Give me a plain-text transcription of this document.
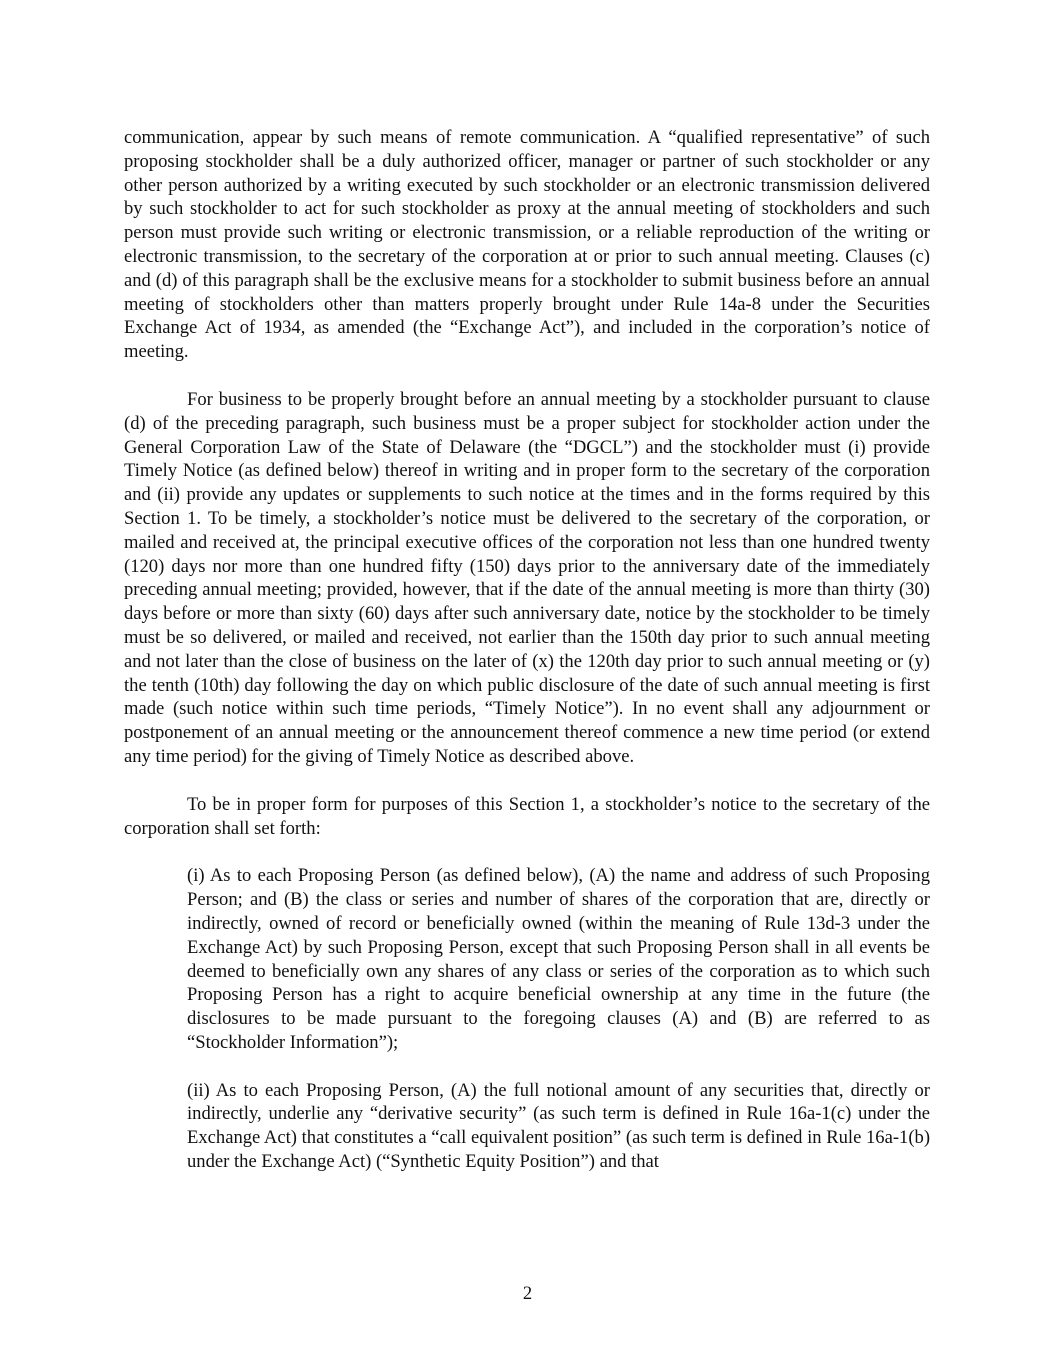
communication, appear by such means of remote communication. A “qualified representative” of such proposing stockholder shall be a duly authorized officer, manager or partner of such stockholder or any other person authorized by a writing executed by such stockholder or an electronic transmission delivered by such stockholder to act for such stockholder as proxy at the annual meeting of stockholders and such person must provide such writing or electronic transmission, or a reliable reproduction of the writing or electronic transmission, to the secretary of the corporation at or prior to such annual meeting. Clauses (c) and (d) of this paragraph shall be the exclusive means for a stockholder to submit business before an annual meeting of stockholders other than matters properly brought under Rule 14a-8 under the Securities Exchange Act of 1934, as amended (the “Exchange Act”), and included in the corporation’s notice of meeting.

For business to be properly brought before an annual meeting by a stockholder pursuant to clause (d) of the preceding paragraph, such business must be a proper subject for stockholder action under the General Corporation Law of the State of Delaware (the “DGCL”) and the stockholder must (i) provide Timely Notice (as defined below) thereof in writing and in proper form to the secretary of the corporation and (ii) provide any updates or supplements to such notice at the times and in the forms required by this Section 1. To be timely, a stockholder’s notice must be delivered to the secretary of the corporation, or mailed and received at, the principal executive offices of the corporation not less than one hundred twenty (120) days nor more than one hundred fifty (150) days prior to the anniversary date of the immediately preceding annual meeting; provided, however, that if the date of the annual meeting is more than thirty (30) days before or more than sixty (60) days after such anniversary date, notice by the stockholder to be timely must be so delivered, or mailed and received, not earlier than the 150th day prior to such annual meeting and not later than the close of business on the later of (x) the 120th day prior to such annual meeting or (y) the tenth (10th) day following the day on which public disclosure of the date of such annual meeting is first made (such notice within such time periods, “Timely Notice”). In no event shall any adjournment or postponement of an annual meeting or the announcement thereof commence a new time period (or extend any time period) for the giving of Timely Notice as described above.

To be in proper form for purposes of this Section 1, a stockholder’s notice to the secretary of the corporation shall set forth:

(i) As to each Proposing Person (as defined below), (A) the name and address of such Proposing Person; and (B) the class or series and number of shares of the corporation that are, directly or indirectly, owned of record or beneficially owned (within the meaning of Rule 13d-3 under the Exchange Act) by such Proposing Person, except that such Proposing Person shall in all events be deemed to beneficially own any shares of any class or series of the corporation as to which such Proposing Person has a right to acquire beneficial ownership at any time in the future (the disclosures to be made pursuant to the foregoing clauses (A) and (B) are referred to as “Stockholder Information”);

(ii) As to each Proposing Person, (A) the full notional amount of any securities that, directly or indirectly, underlie any “derivative security” (as such term is defined in Rule 16a-1(c) under the Exchange Act) that constitutes a “call equivalent position” (as such term is defined in Rule 16a-1(b) under the Exchange Act) (“Synthetic Equity Position”) and that

2
